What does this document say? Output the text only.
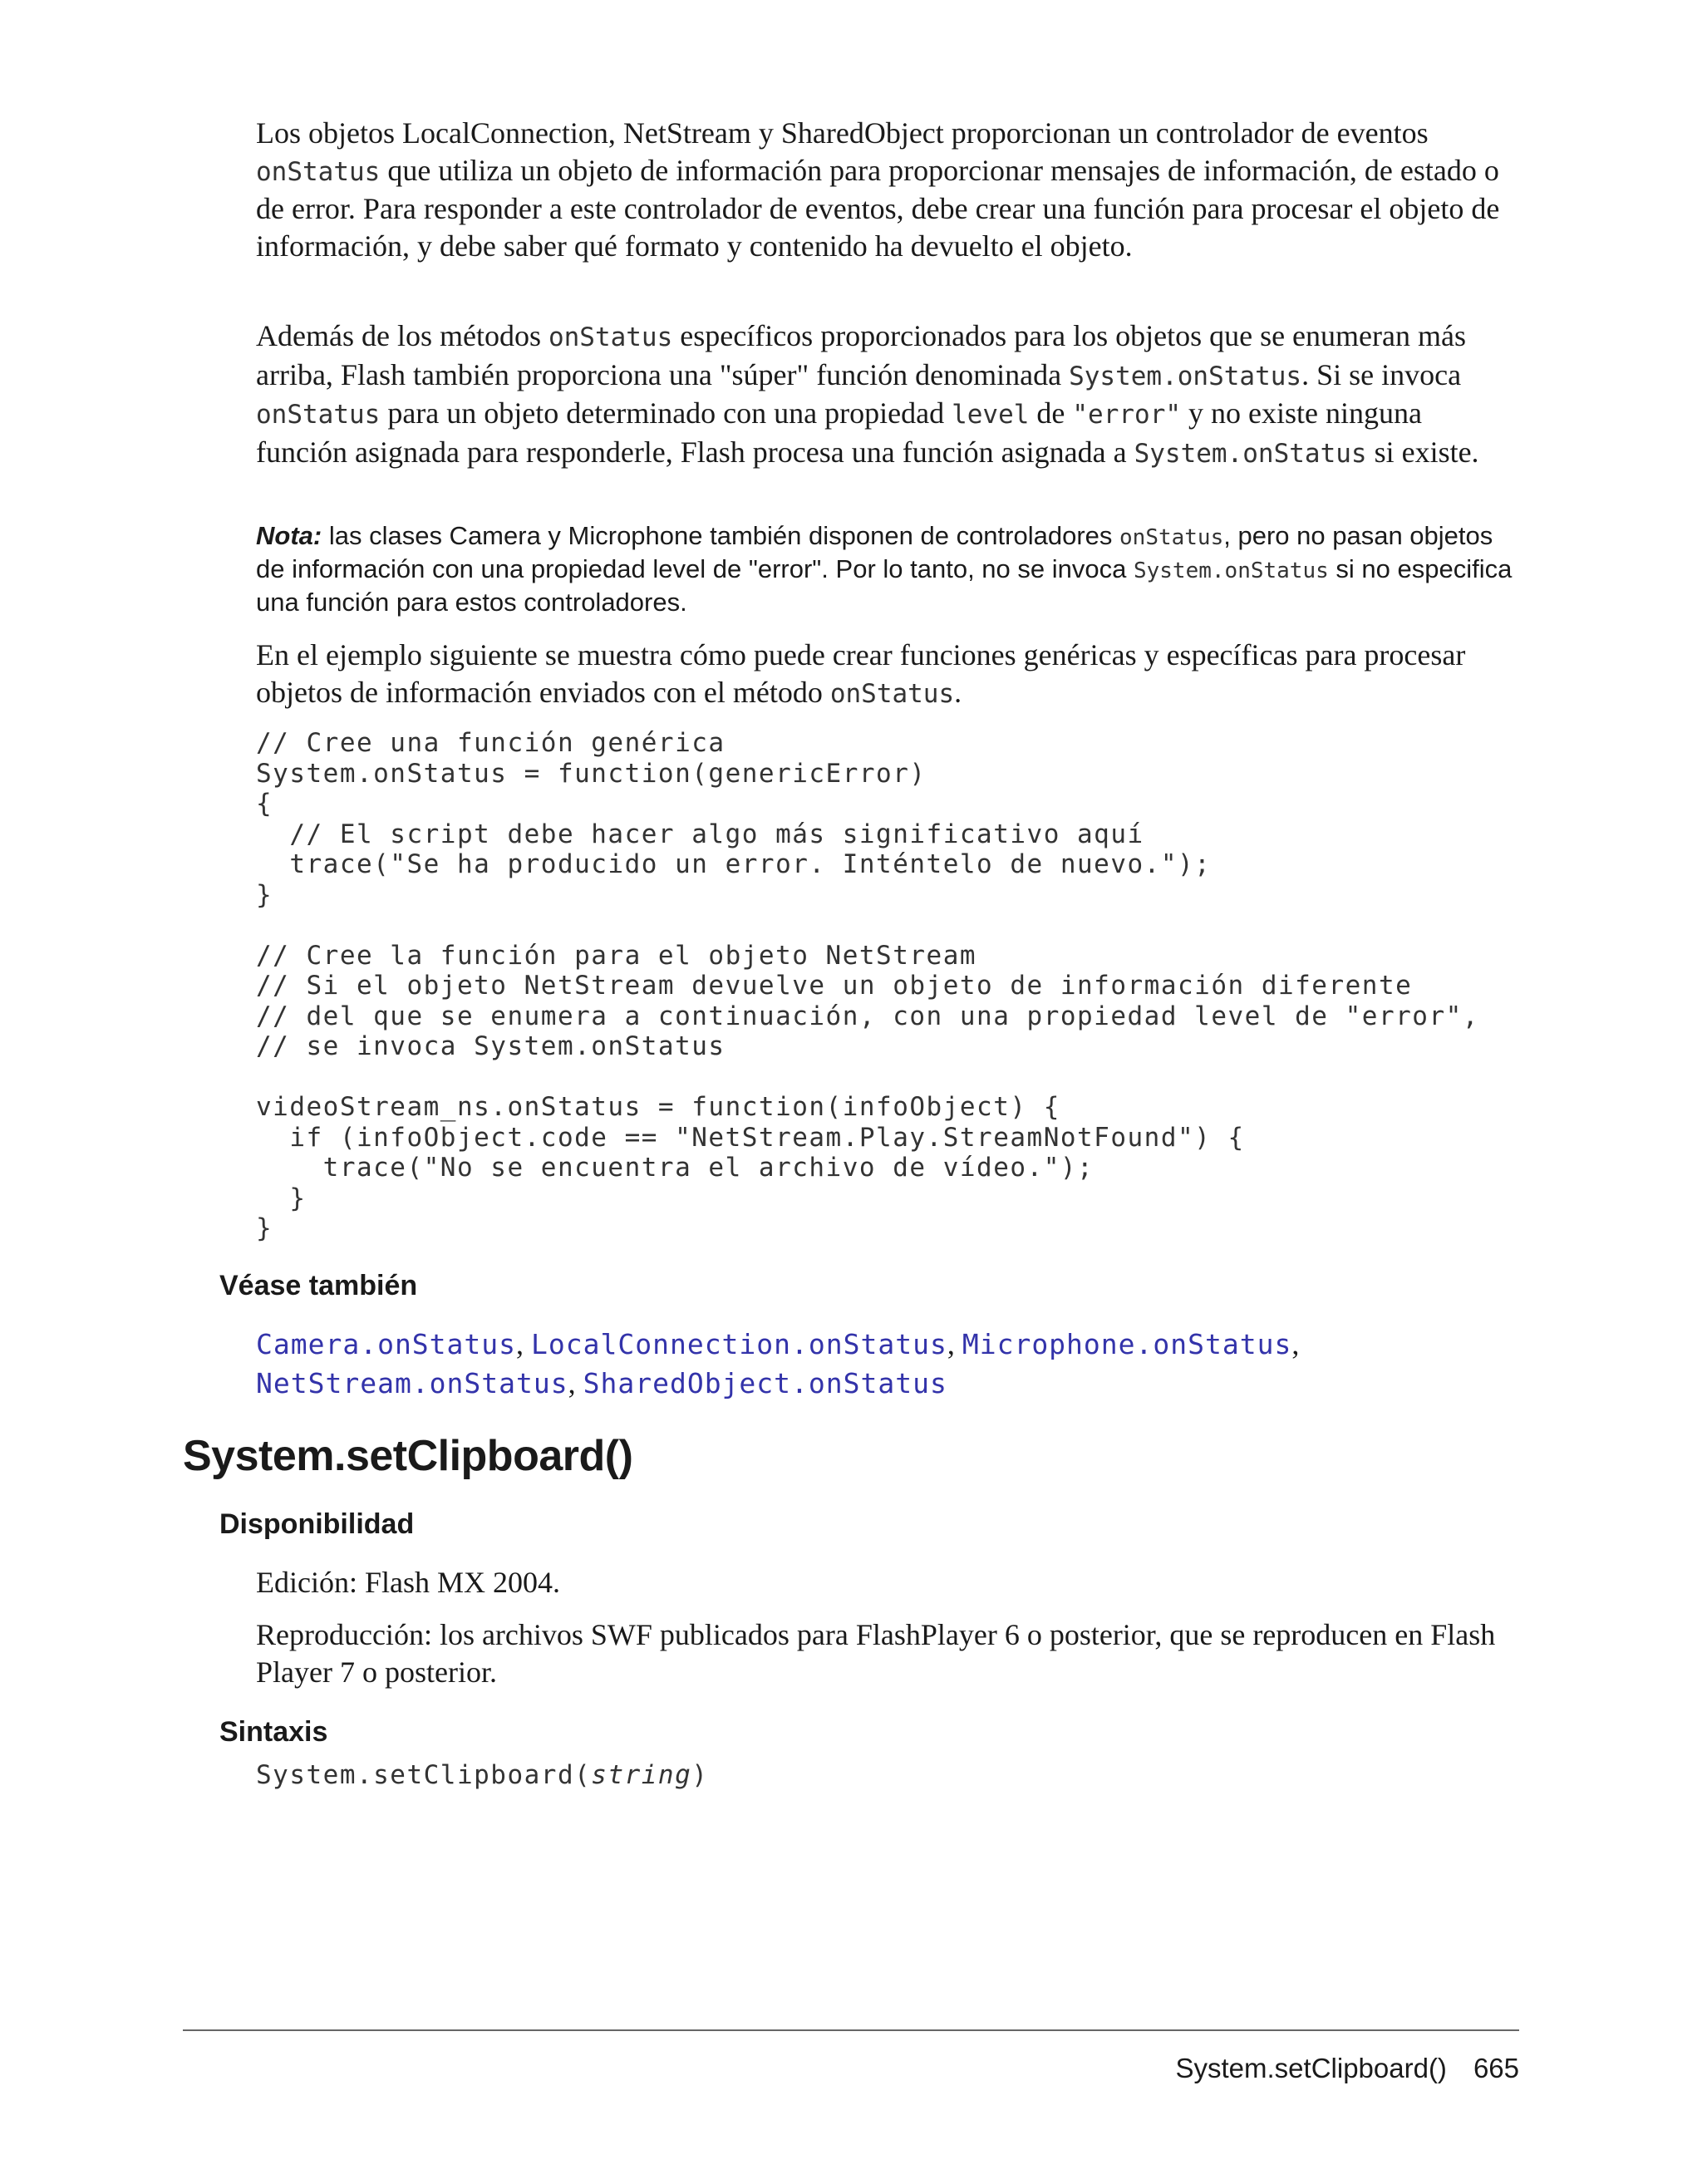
Los objetos LocalConnection, NetStream y SharedObject proporcionan un controlador de eventos onStatus que utiliza un objeto de información para proporcionar mensajes de información, de estado o de error. Para responder a este controlador de eventos, debe crear una función para procesar el objeto de información, y debe saber qué formato y contenido ha devuelto el objeto.

Además de los métodos onStatus específicos proporcionados para los objetos que se enumeran más arriba, Flash también proporciona una "súper" función denominada System.onStatus. Si se invoca onStatus para un objeto determinado con una propiedad level de "error" y no existe ninguna función asignada para responderle, Flash procesa una función asignada a System.onStatus si existe.

Nota: las clases Camera y Microphone también disponen de controladores onStatus, pero no pasan objetos de información con una propiedad level de "error". Por lo tanto, no se invoca System.onStatus si no especifica una función para estos controladores.

En el ejemplo siguiente se muestra cómo puede crear funciones genéricas y específicas para procesar objetos de información enviados con el método onStatus.

// Cree una función genérica
System.onStatus = function(genericError)
{
// El script debe hacer algo más significativo aquí
trace("Se ha producido un error. Inténtelo de nuevo.");
}

// Cree la función para el objeto NetStream
// Si el objeto NetStream devuelve un objeto de información diferente
// del que se enumera a continuación, con una propiedad level de "error",
// se invoca System.onStatus

videoStream_ns.onStatus = function(infoObject) {
if (infoObject.code == "NetStream.Play.StreamNotFound") {
trace("No se encuentra el archivo de vídeo.");
}
}
Véase también

Camera.onStatus, LocalConnection.onStatus, Microphone.onStatus,
NetStream.onStatus, SharedObject.onStatus

System.setClipboard()
Disponibilidad

Edición: Flash MX 2004.

Reproducción: los archivos SWF publicados para FlashPlayer 6 o posterior, que se reproducen en Flash Player 7 o posterior.

Sintaxis

System.setClipboard(string)

System.setClipboard() 665
